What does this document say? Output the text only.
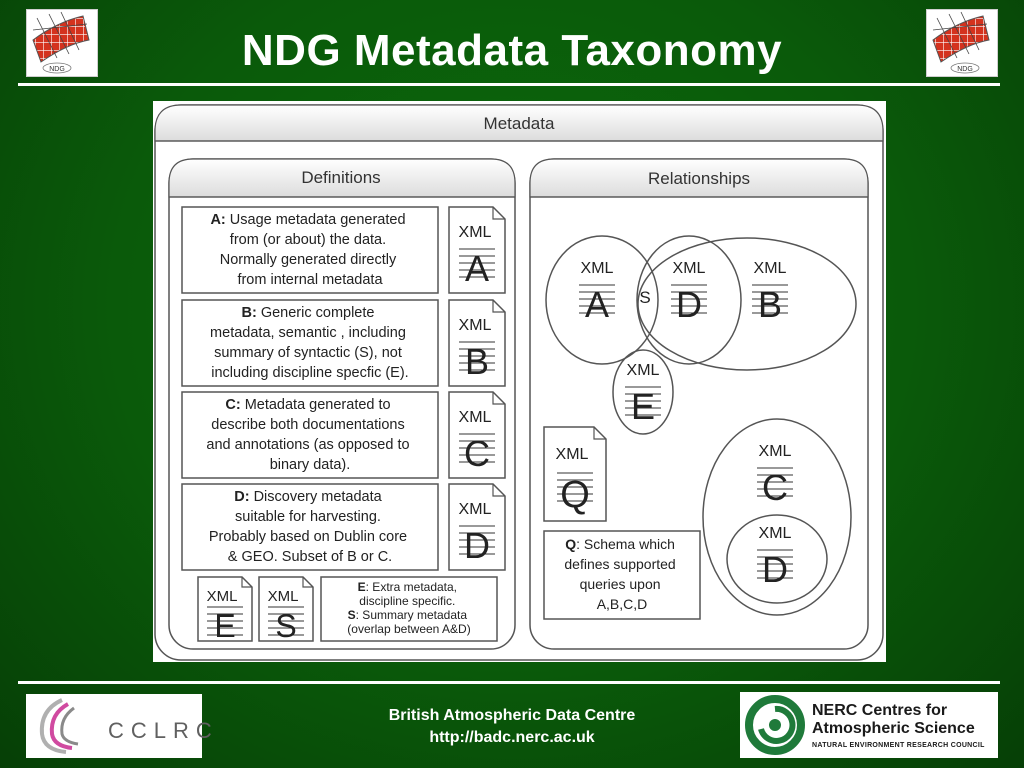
NDG	NDG
NDG Metadata Taxonomy
Metadata
Definitions	Relationships
A: Usage metadata generated from (or about) the data. Normally generated directly from internal metadata
B: Generic complete metadata, semantic , including summary of syntactic (S), not including discipline specfic (E).
C: Metadata generated to describe both documentations and annotations (as opposed to binary data).
D: Discovery metadata suitable for harvesting. Probably based on Dublin core & GEO. Subset of B or C.
XML
A
XML
B
XML
C
XML
D
XML
E
XML
S
E: Extra metadata, discipline specific. S: Summary metadata (overlap between A&D)
XML
A S
XML
D
XML
B
XML
E
XML
Q
Q: Schema which defines supported queries upon A,B,C,D
XML
C
XML
D
CCLRC
British Atmospheric Data Centre
http://badc.nerc.ac.uk
NERC Centres for
Atmospheric Science
NATURAL ENVIRONMENT RESEARCH COUNCIL
